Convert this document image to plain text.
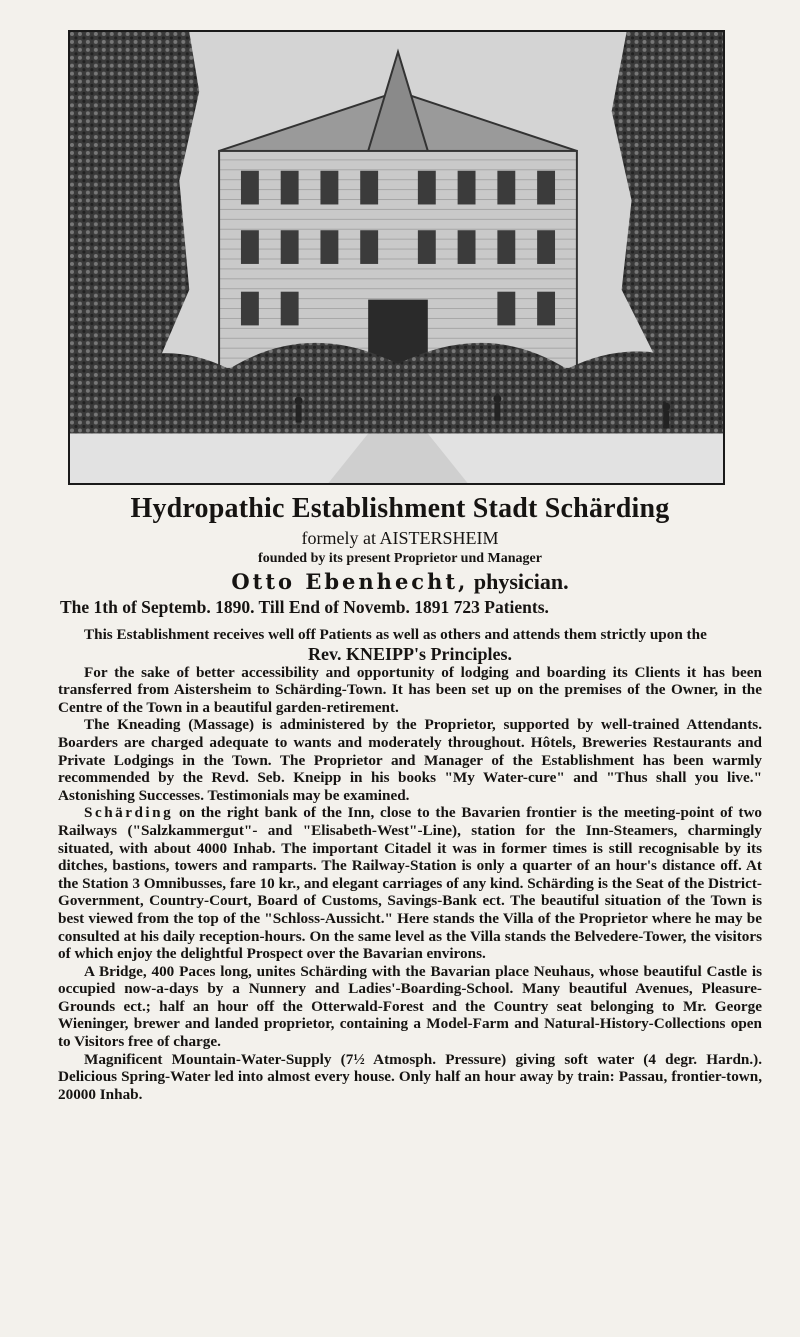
Hydropathic Establishment Stadt Schärding
formely at AISTERSHEIM
founded by its present Proprietor und Manager
Otto Ebenhecht, physician.
The 1th of Septemb. 1890. Till End of Novemb. 1891 723 Patients.

This Establishment receives well off Patients as well as others and attends them strictly upon the

Rev. KNEIPP's Principles.

For the sake of better accessibility and opportunity of lodging and boarding its Clients it has been transferred from Aistersheim to Schärding-Town. It has been set up on the premises of the Owner, in the Centre of the Town in a beautiful garden-retirement.

The Kneading (Massage) is administered by the Proprietor, supported by well-trained Attendants. Boarders are charged adequate to wants and moderately throughout. Hôtels, Breweries Restaurants and Private Lodgings in the Town. The Proprietor and Manager of the Establishment has been warmly recommended by the Revd. Seb. Kneipp in his books "My Water-cure" and "Thus shall you live." Astonishing Successes. Testimonials may be examined.

Schärding on the right bank of the Inn, close to the Bavarien frontier is the meeting-point of two Railways ("Salzkammergut"- and "Elisabeth-West"-Line), station for the Inn-Steamers, charmingly situated, with about 4000 Inhab. The important Citadel it was in former times is still recognisable by its ditches, bastions, towers and ramparts. The Railway-Station is only a quarter of an hour's distance off. At the Station 3 Omnibusses, fare 10 kr., and elegant carriages of any kind. Schärding is the Seat of the District-Government, Country-Court, Board of Customs, Savings-Bank ect. The beautiful situation of the Town is best viewed from the top of the "Schloss-Aussicht." Here stands the Villa of the Proprietor where he may be consulted at his daily reception-hours. On the same level as the Villa stands the Belvedere-Tower, the visitors of which enjoy the delightful Prospect over the Bavarian environs.

A Bridge, 400 Paces long, unites Schärding with the Bavarian place Neuhaus, whose beautiful Castle is occupied now-a-days by a Nunnery and Ladies'-Boarding-School. Many beautiful Avenues, Pleasure-Grounds ect.; half an hour off the Otterwald-Forest and the Country seat belonging to Mr. George Wieninger, brewer and landed proprietor, containing a Model-Farm and Natural-History-Collections open to Visitors free of charge.

Magnificent Mountain-Water-Supply (7½ Atmosph. Pressure) giving soft water (4 degr. Hardn.). Delicious Spring-Water led into almost every house. Only half an hour away by train: Passau, frontier-town, 20000 Inhab.
